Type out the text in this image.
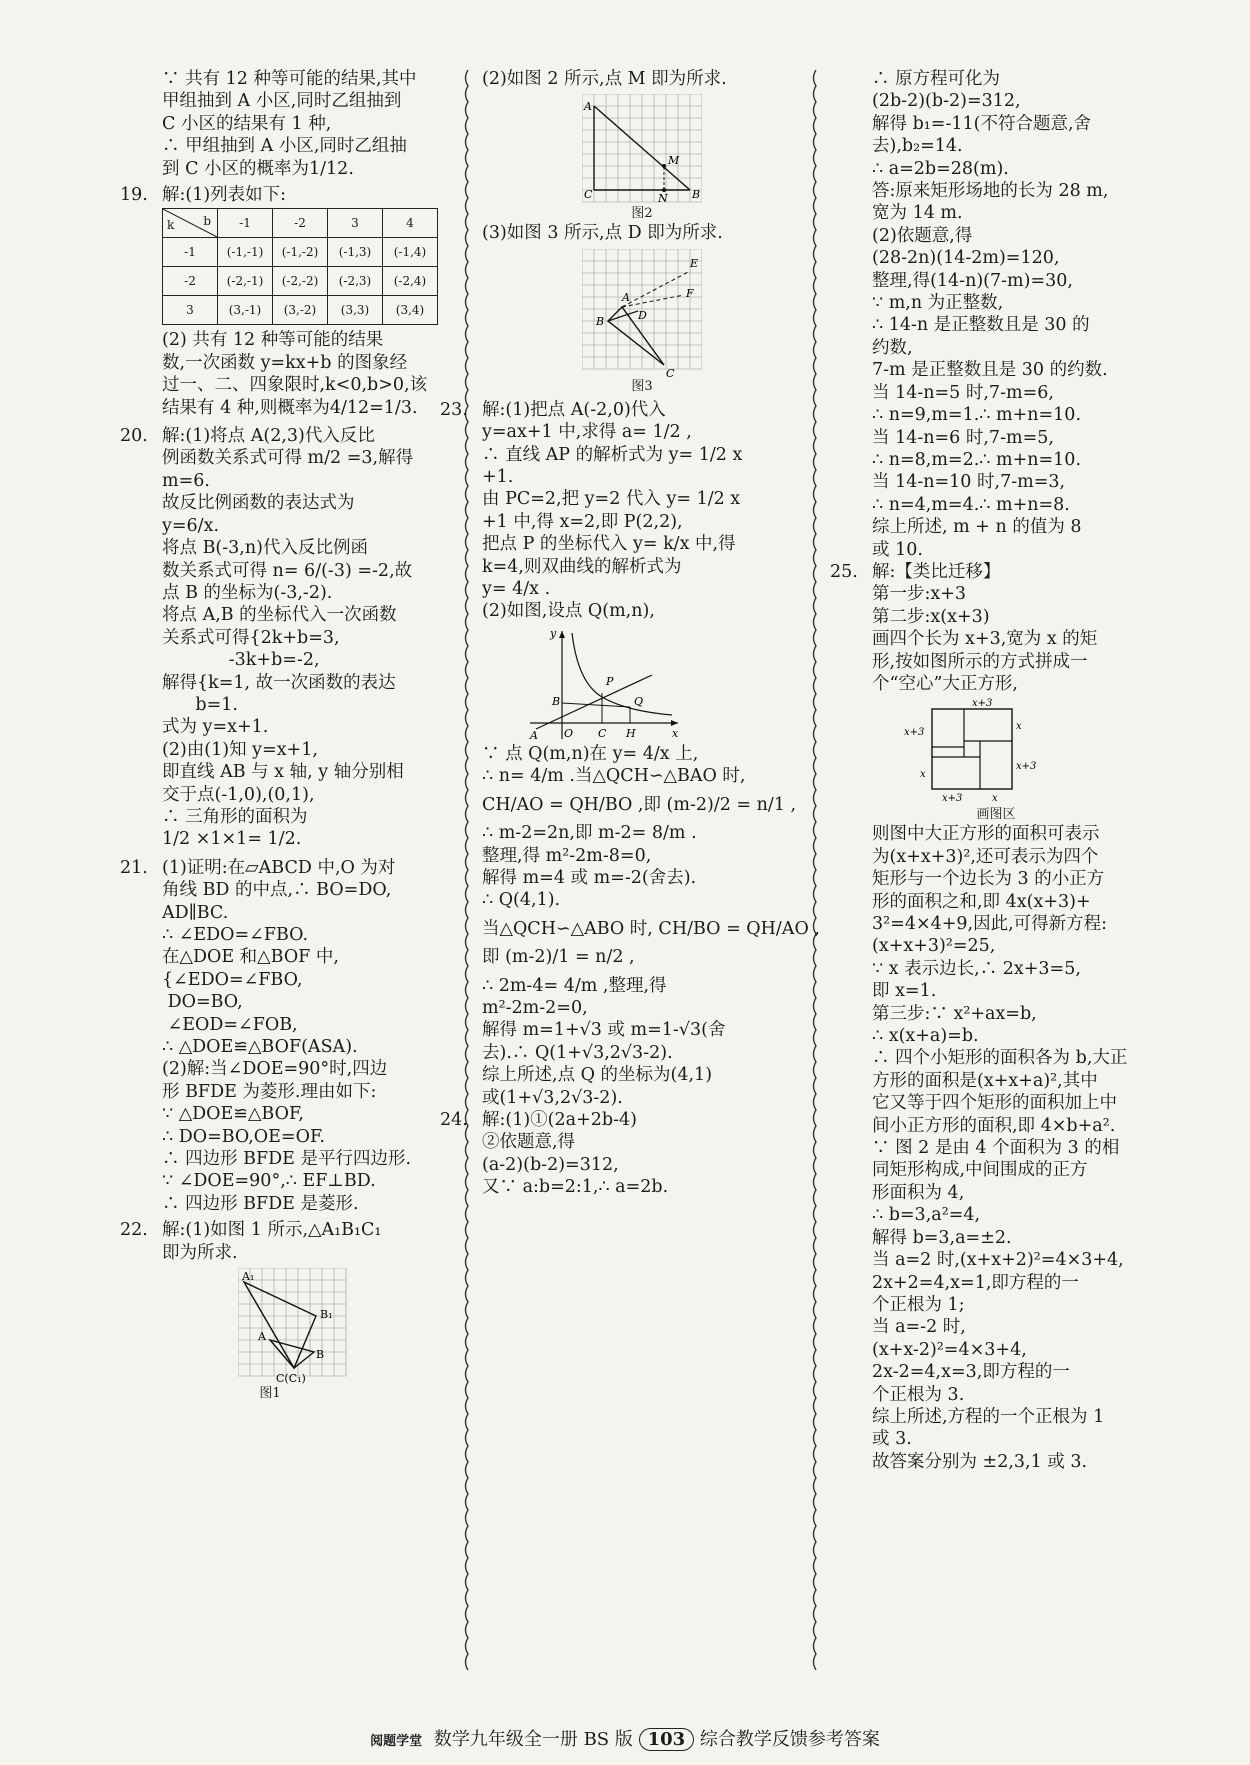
∵ 共有 12 种等可能的结果,其中
甲组抽到 A 小区,同时乙组抽到
C 小区的结果有 1 种,
∴ 甲组抽到 A 小区,同时乙组抽
到 C 小区的概率为1/12.
19. 解:(1)列表如下:
b
k	-1	-2	3	4
-1	(-1,-1)	(-1,-2)	(-1,3)	(-1,4)
-2	(-2,-1)	(-2,-2)	(-2,3)	(-2,4)
3	(3,-1)	(3,-2)	(3,3)	(3,4)
(2) 共有 12 种等可能的结果
数,一次函数 y=kx+b 的图象经
过一、二、四象限时,k<0,b>0,该
结果有 4 种,则概率为4/12=1/3.
20. 解:(1)将点 A(2,3)代入反比
例函数关系式可得 m/2 =3,解得
m=6.
故反比例函数的表达式为
y=6/x.
将点 B(-3,n)代入反比例函
数关系式可得 n= 6/(-3) =-2,故
点 B 的坐标为(-3,-2).
将点 A,B 的坐标代入一次函数
关系式可得{2k+b=3,
-3k+b=-2,
解得{k=1, 故一次函数的表达
b=1.
式为 y=x+1.
(2)由(1)知 y=x+1,
即直线 AB 与 x 轴, y 轴分别相
交于点(-1,0),(0,1),
∴ 三角形的面积为
1/2 ×1×1= 1/2.
21. (1)证明:在▱ABCD 中,O 为对
角线 BD 的中点,∴ BO=DO,
AD∥BC.
∴ ∠EDO=∠FBO.
在△DOE 和△BOF 中,
{∠EDO=∠FBO,
DO=BO,
∠EOD=∠FOB,
∴ △DOE≌△BOF(ASA).
(2)解:当∠DOE=90°时,四边
形 BFDE 为菱形.理由如下:
∵ △DOE≌△BOF,
∴ DO=BO,OE=OF.
∴ 四边形 BFDE 是平行四边形.
∵ ∠DOE=90°,∴ EF⊥BD.
∴ 四边形 BFDE 是菱形.
22. 解:(1)如图 1 所示,△A₁B₁C₁
即为所求.
A₁
B₁
A
B
C(C₁)
图1
(2)如图 2 所示,点 M 即为所求.
A
M
C	N B
图2
(3)如图 3 所示,点 D 即为所求.
A
E
F
B	D
C
图3
23. 解:(1)把点 A(-2,0)代入
y=ax+1 中,求得 a= 1/2 ,
∴ 直线 AP 的解析式为 y= 1/2 x
+1.
由 PC=2,把 y=2 代入 y= 1/2 x
+1 中,得 x=2,即 P(2,2),
把点 P 的坐标代入 y= k/x 中,得
k=4,则双曲线的解析式为
y= 4/x .
(2)如图,设点 Q(m,n),
y
P
Q
B
A O C H	x
∵ 点 Q(m,n)在 y= 4/x 上,
∴ n= 4/m .当△QCH∽△BAO 时,
CH/AO = QH/BO ,即 (m-2)/2 = n/1 ,
∴ m-2=2n,即 m-2= 8/m .
整理,得 m²-2m-8=0,
解得 m=4 或 m=-2(舍去).
∴ Q(4,1).
当△QCH∽△ABO 时, CH/BO = QH/AO ,
即 (m-2)/1 = n/2 ,
∴ 2m-4= 4/m ,整理,得
m²-2m-2=0,
解得 m=1+√3 或 m=1-√3(舍
去).∴ Q(1+√3,2√3-2).
综上所述,点 Q 的坐标为(4,1)
或(1+√3,2√3-2).
24. 解:(1)①(2a+2b-4)
②依题意,得
(a-2)(b-2)=312,
又∵ a:b=2:1,∴ a=2b.
∴ 原方程可化为
(2b-2)(b-2)=312,
解得 b₁=-11(不符合题意,舍
去),b₂=14.
∴ a=2b=28(m).
答:原来矩形场地的长为 28 m,
宽为 14 m.
(2)依题意,得
(28-2n)(14-2m)=120,
整理,得(14-n)(7-m)=30,
∵ m,n 为正整数,
∴ 14-n 是正整数且是 30 的
约数,
7-m 是正整数且是 30 的约数.
当 14-n=5 时,7-m=6,
∴ n=9,m=1.∴ m+n=10.
当 14-n=6 时,7-m=5,
∴ n=8,m=2.∴ m+n=10.
当 14-n=10 时,7-m=3,
∴ n=4,m=4.∴ m+n=8.
综上所述, m + n 的值为 8
或 10.
25. 解:【类比迁移】
第一步:x+3
第二步:x(x+3)
画四个长为 x+3,宽为 x 的矩
形,按如图所示的方式拼成一
个“空心”大正方形,
x+3
x
x+3
x
x+3
x+3	x
画图区
则图中大正方形的面积可表示
为(x+x+3)²,还可表示为四个
矩形与一个边长为 3 的小正方
形的面积之和,即 4x(x+3)+
3²=4×4+9,因此,可得新方程:
(x+x+3)²=25,
∵ x 表示边长,∴ 2x+3=5,
即 x=1.
第三步:∵ x²+ax=b,
∴ x(x+a)=b.
∴ 四个小矩形的面积各为 b,大正
方形的面积是(x+x+a)²,其中
它又等于四个矩形的面积加上中
间小正方形的面积,即 4×b+a².
∵ 图 2 是由 4 个面积为 3 的相
同矩形构成,中间围成的正方
形面积为 4,
∴ b=3,a²=4,
解得 b=3,a=±2.
当 a=2 时,(x+x+2)²=4×3+4,
2x+2=4,x=1,即方程的一
个正根为 1;
当 a=-2 时,
(x+x-2)²=4×3+4,
2x-2=4,x=3,即方程的一
个正根为 3.
综上所述,方程的一个正根为 1
或 3.
故答案分别为 ±2,3,1 或 3.
阅题学堂 数学九年级全一册 BS 版 103 综合教学反馈参考答案
